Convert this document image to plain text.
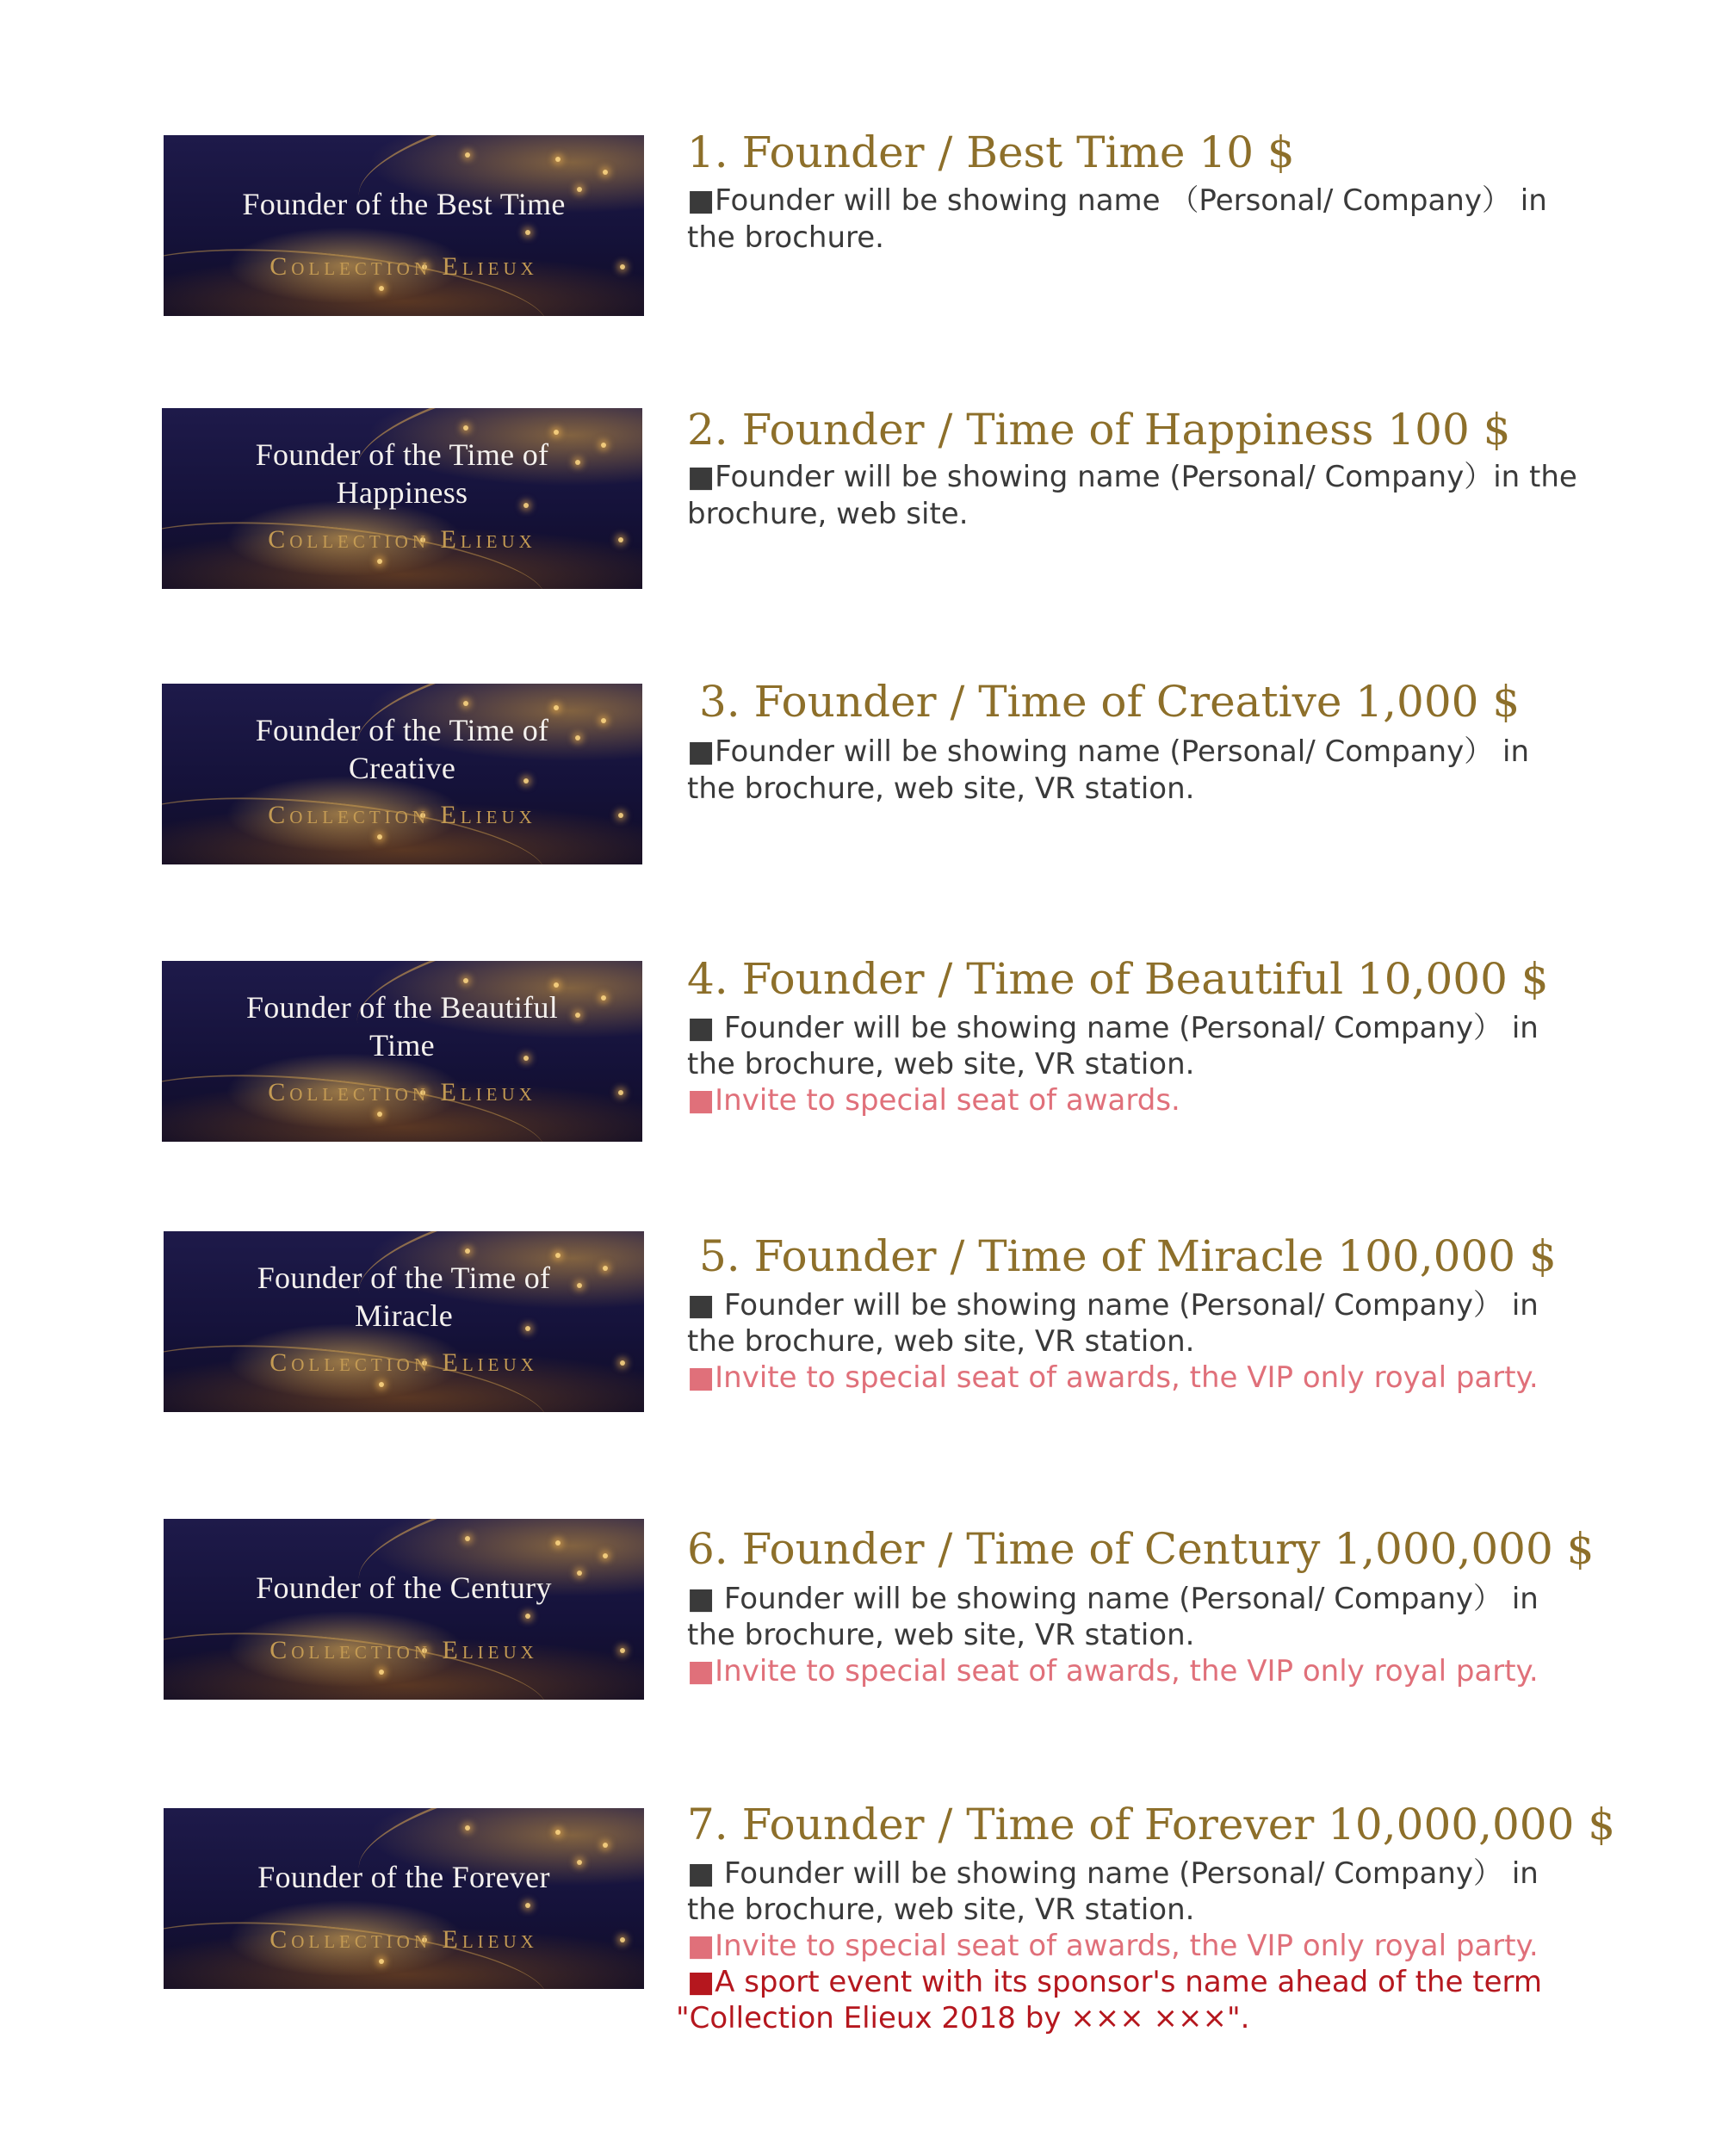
Founder of the Best Time
Collection Elieux
1. Founder / Best Time 10 $
■Founder will be showing name （Personal/ Company） in
the brochure.
Founder of the Time of
Happiness
Collection Elieux
2. Founder / Time of Happiness 100 $
■Founder will be showing name (Personal/ Company）in the
brochure, web site.
Founder of the Time of
Creative
Collection Elieux
3. Founder / Time of Creative 1,000 $
■Founder will be showing name (Personal/ Company） in
the brochure, web site, VR station.
Founder of the Beautiful
Time
Collection Elieux
4. Founder / Time of Beautiful 10,000 $
■ Founder will be showing name (Personal/ Company） in
the brochure, web site, VR station.
■Invite to special seat of awards.
Founder of the Time of
Miracle
Collection Elieux
5. Founder / Time of Miracle 100,000 $
■ Founder will be showing name (Personal/ Company） in
the brochure, web site, VR station.
■Invite to special seat of awards, the VIP only royal party.
Founder of the Century
Collection Elieux
6. Founder / Time of Century 1,000,000 $
■ Founder will be showing name (Personal/ Company） in
the brochure, web site, VR station.
■Invite to special seat of awards, the VIP only royal party.
Founder of the Forever
Collection Elieux
7. Founder / Time of Forever 10,000,000 $
■ Founder will be showing name (Personal/ Company） in
the brochure, web site, VR station.
■Invite to special seat of awards, the VIP only royal party.
■A sport event with its sponsor's name ahead of the term
"Collection Elieux 2018 by ××× ×××".
